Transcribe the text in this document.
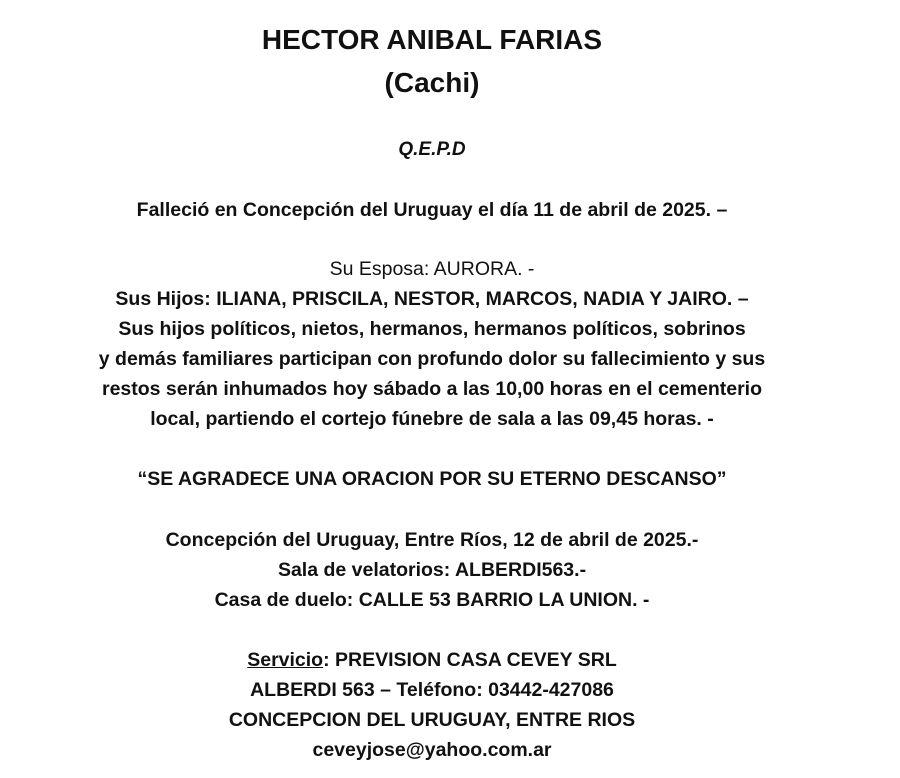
HECTOR ANIBAL FARIAS
(Cachi)
Q.E.P.D
Falleció en Concepción del Uruguay el día 11 de abril de 2025. –
Su Esposa: AURORA. -
Sus Hijos: ILIANA, PRISCILA, NESTOR, MARCOS, NADIA Y JAIRO. –
Sus hijos políticos, nietos, hermanos, hermanos políticos, sobrinos
y demás familiares participan con profundo dolor su fallecimiento y sus
restos serán inhumados hoy sábado a las 10,00 horas en el cementerio
local, partiendo el cortejo fúnebre de sala a las 09,45 horas. -
“SE AGRADECE UNA ORACION POR SU ETERNO DESCANSO”
Concepción del Uruguay, Entre Ríos, 12 de abril de 2025.-
Sala de velatorios: ALBERDI563.-
Casa de duelo: CALLE 53 BARRIO LA UNION. -
Servicio: PREVISION CASA CEVEY SRL
ALBERDI 563 – Teléfono: 03442-427086
CONCEPCION DEL URUGUAY, ENTRE RIOS
ceveyjose@yahoo.com.ar
